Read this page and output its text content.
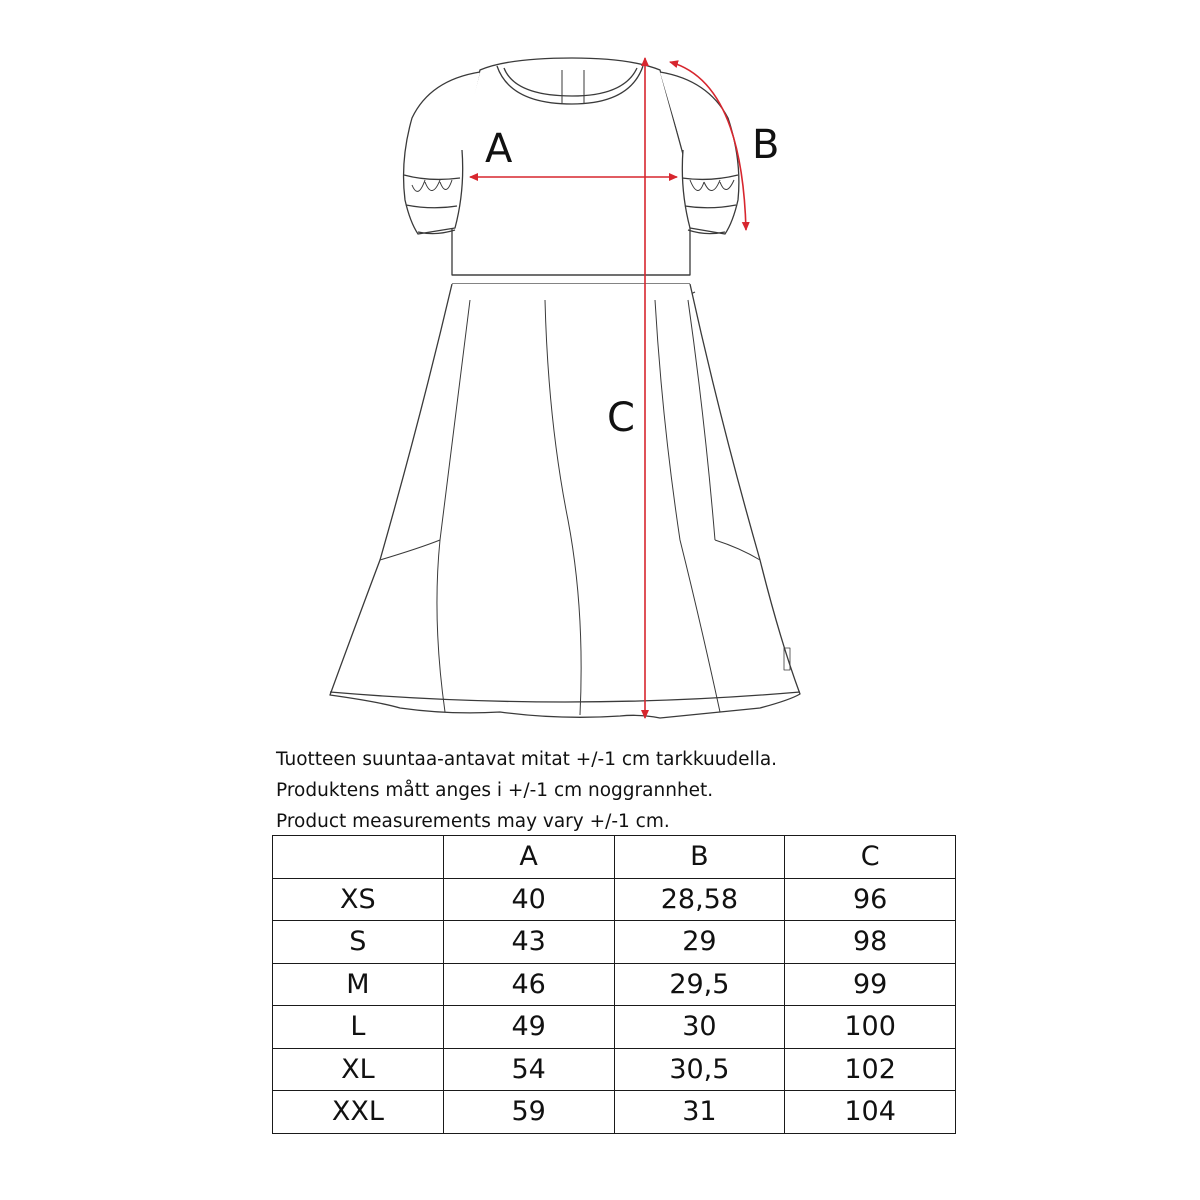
A	B
C
Tuotteen suuntaa-antavat mitat +/-1 cm tarkkuudella.
Produktens mått anges i +/-1 cm noggrannhet.
Product measurements may vary +/-1 cm.
	A	B	C
XS	40	28,58	96
S	43	29	98
M	46	29,5	99
L	49	30	100
XL	54	30,5	102
XXL	59	31	104
